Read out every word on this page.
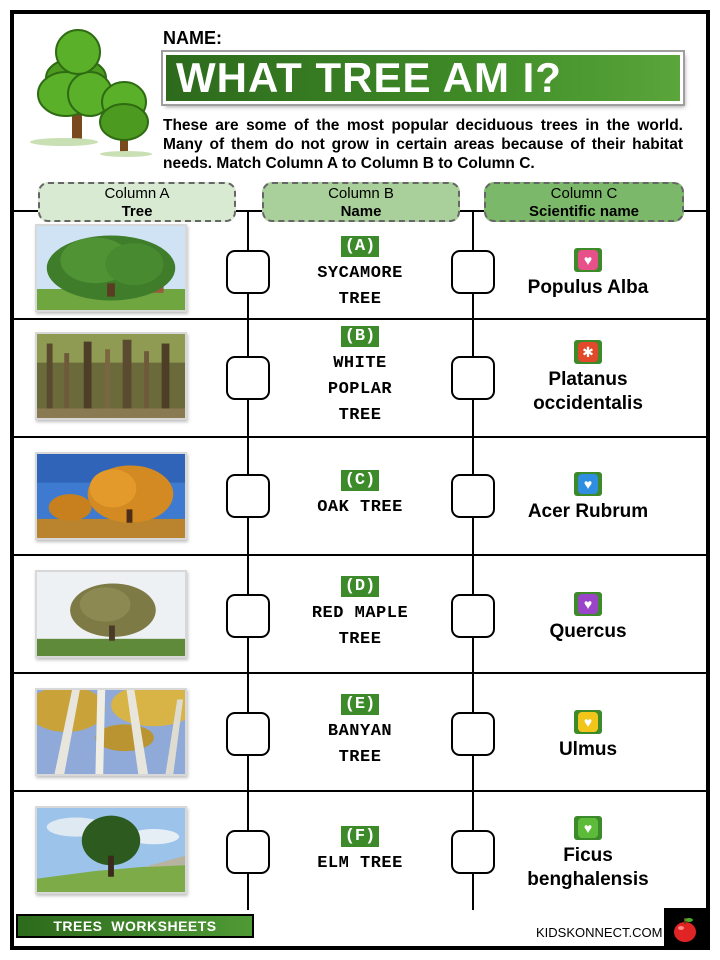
NAME:
WHAT TREE AM I?

These are some of the most popular deciduous trees in the world. Many of them do not grow in certain areas because of their habitat needs. Match Column A to Column B to Column C.

Column A
Tree
Column B
Name
Column C
Scientific name
(A)
SYCAMORE
TREE
♥
Populus Alba
(B)
WHITE
POPLAR
TREE
✱
Platanus
occidentalis
(C)
OAK TREE
♥
Acer Rubrum
(D)
RED MAPLE
TREE
♥
Quercus
(E)
BANYAN
TREE
♥
Ulmus
(F)
ELM TREE
♥
Ficus
benghalensis
TREES  WORKSHEETS	KIDSKONNECT.COM
